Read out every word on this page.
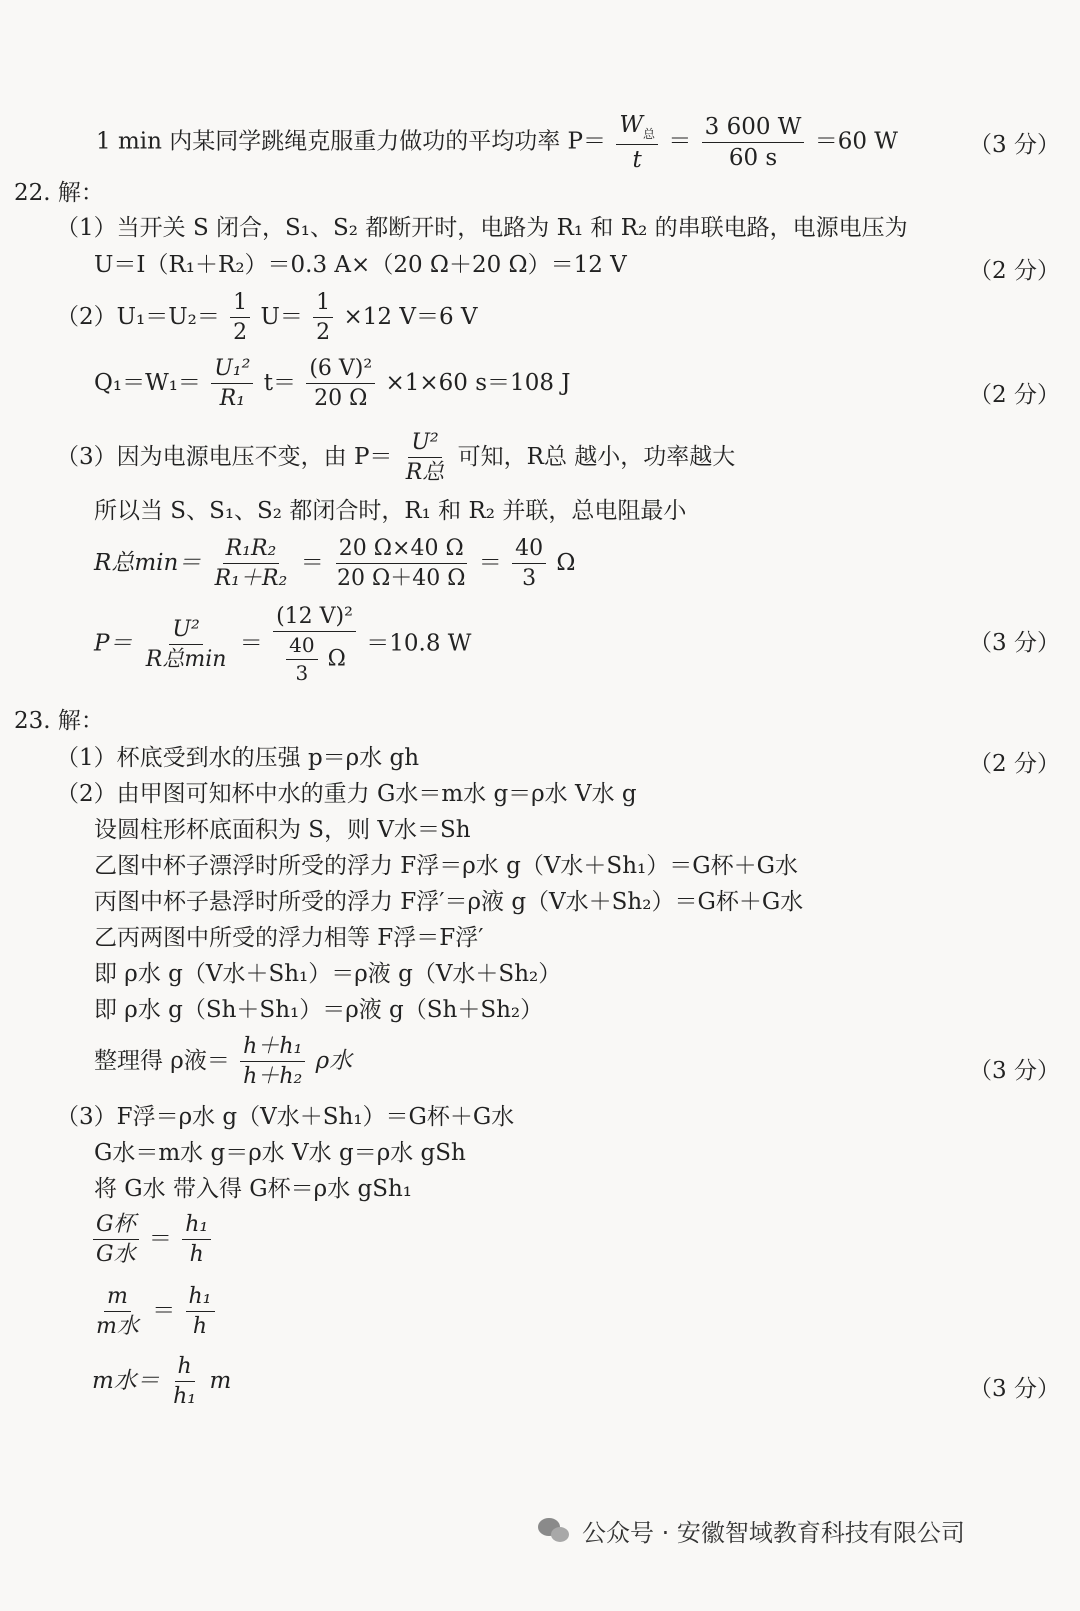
1 min 内某同学跳绳克服重力做功的平均功率 $P= \frac{W_总}{t} = \frac{3 600 W}{60 s} =60$ W	（3 分）
22. 解：
（1）当开关 S 闭合，S₁、S₂ 都断开时，电路为 R₁ 和 R₂ 的串联电路，电源电压为
U＝I（R₁＋R₂）＝0.3 A×（20 Ω＋20 Ω）＝12 V	（2 分）
$(2)U_1=U_2= \frac{1}{2} U= \frac{1}{2} \times 12$ V＝6 V
$Q_1=W_1= \frac{\text{U₁²}}{\text{R₁}} t= \frac{\text{(6 V)²}}{20 \Omega} \times 1\times 60$ s＝108 J	（2 分）
（3）因为电源电压不变，由 $P= \frac{\text{U²}}{\text{R总}}$ 可知，R总 越小，功率越大
所以当 S、S₁、S₂ 都闭合时，R₁ 和 R₂ 并联，总电阻最小
R总$\min= \frac{\text{R₁R₂}}{\text{R₁＋R₂}} = \frac{20 \Omega\times 40 \Omega}{20 \Omega+40 \Omega} = \frac{40}{3}$ Ω
$P= \frac{\text{U²}}{\text{R总min}} = \frac{\text{(12 V)²}}{\frac{40}{3} \Omega} =10.8$ W	（3 分）
23. 解：
（1）杯底受到水的压强 p＝ρ水 gh	（2 分）
（2）由甲图可知杯中水的重力 G水＝m水 g＝ρ水 V水 g
设圆柱形杯底面积为 S，则 V水＝Sh
乙图中杯子漂浮时所受的浮力 F浮＝ρ水 g（V水＋Sh₁）＝G杯＋G水
丙图中杯子悬浮时所受的浮力 F浮′＝ρ液 g（V水＋Sh₂）＝G杯＋G水
乙丙两图中所受的浮力相等 F浮＝F浮′
即 ρ水 g（V水＋Sh₁）＝ρ液 g（V水＋Sh₂）
即 ρ水 g（Sh＋Sh₁）＝ρ液 g（Sh＋Sh₂）
整理得 ρ液＝ $\frac{\text{h＋h₁}}{\text{h＋h₂}}$ ρ水	（3 分）
（3）F浮＝ρ水 g（V水＋Sh₁）＝G杯＋G水
G水＝m水 g＝ρ水 V水 g＝ρ水 gSh
将 G水 带入得 G杯＝ρ水 gSh₁
$\frac{\text{G杯}}{\text{G水}} = \frac{\text{h₁}}{h}$
$\frac{m}{\text{m水}} = \frac{\text{h₁}}{h}$
m水＝ $\frac{h}{\text{h₁}}$ m	（3 分）
公众号 · 安徽智域教育科技有限公司
